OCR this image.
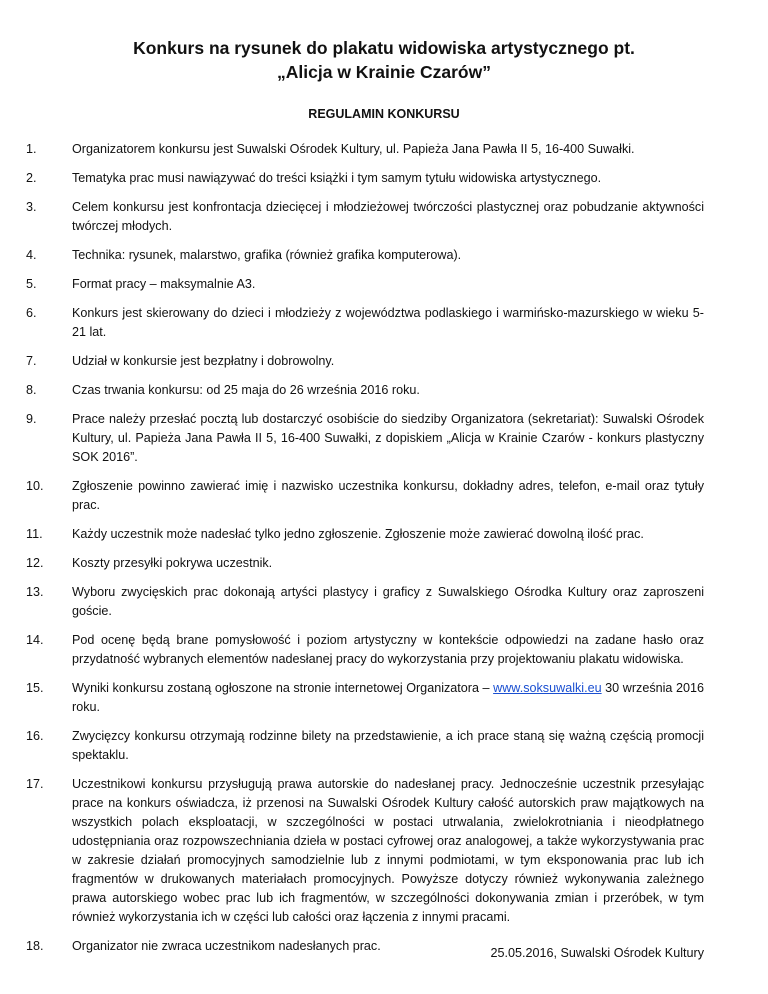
Konkurs na rysunek do plakatu widowiska artystycznego pt.
„Alicja w Krainie Czarów”
REGULAMIN KONKURSU
1.	Organizatorem konkursu jest Suwalski Ośrodek Kultury, ul. Papieża Jana Pawła II 5, 16-400 Suwałki.
2.	Tematyka prac musi nawiązywać do treści książki i tym samym tytułu widowiska artystycznego.
3.	Celem konkursu jest konfrontacja dziecięcej i młodzieżowej twórczości plastycznej oraz pobudzanie aktywności twórczej młodych.
4.	Technika: rysunek, malarstwo, grafika (również grafika komputerowa).
5.	Format pracy – maksymalnie A3.
6.	Konkurs jest skierowany do dzieci i młodzieży z województwa podlaskiego i warmińsko-mazurskiego w wieku 5-21 lat.
7.	Udział w konkursie jest bezpłatny i dobrowolny.
8.	Czas trwania konkursu: od 25 maja do 26 września 2016 roku.
9.	Prace należy przesłać pocztą lub dostarczyć osobiście do siedziby Organizatora (sekretariat): Suwalski Ośrodek Kultury, ul. Papieża Jana Pawła II 5, 16-400 Suwałki, z dopiskiem „Alicja w Krainie Czarów - konkurs plastyczny SOK 2016”.
10.	Zgłoszenie powinno zawierać imię i nazwisko uczestnika konkursu, dokładny adres, telefon, e-mail oraz tytuły prac.
11.	Każdy uczestnik może nadesłać tylko jedno zgłoszenie. Zgłoszenie może zawierać dowolną ilość prac.
12.	Koszty przesyłki pokrywa uczestnik.
13.	Wyboru zwycięskich prac dokonają artyści plastycy i graficy z Suwalskiego Ośrodka Kultury oraz zaproszeni goście.
14.	Pod ocenę będą brane pomysłowość i poziom artystyczny w kontekście odpowiedzi na zadane hasło oraz przydatność wybranych elementów nadesłanej pracy do wykorzystania przy projektowaniu plakatu widowiska.
15.	Wyniki konkursu zostaną ogłoszone na stronie internetowej Organizatora – www.soksuwalki.eu 30 września 2016 roku.
16.	Zwycięzcy konkursu otrzymają rodzinne bilety na przedstawienie, a ich prace staną się ważną częścią promocji spektaklu.
17.	Uczestnikowi konkursu przysługują prawa autorskie do nadesłanej pracy. Jednocześnie uczestnik przesyłając prace na konkurs oświadcza, iż przenosi na Suwalski Ośrodek Kultury całość autorskich praw majątkowych na wszystkich polach eksploatacji, w szczególności w postaci utrwalania, zwielokrotniania i nieodpłatnego udostępniania oraz rozpowszechniania dzieła w postaci cyfrowej oraz analogowej, a także wykorzystywania prac w zakresie działań promocyjnych samodzielnie lub z innymi podmiotami, w tym eksponowania prac lub ich fragmentów w drukowanych materiałach promocyjnych. Powyższe dotyczy również wykonywania zależnego prawa autorskiego wobec prac lub ich fragmentów, w szczególności dokonywania zmian i przeróbek, w tym również wykorzystania ich w części lub całości oraz łączenia z innymi pracami.
18.	Organizator nie zwraca uczestnikom nadesłanych prac.	25.05.2016, Suwalski Ośrodek Kultury
